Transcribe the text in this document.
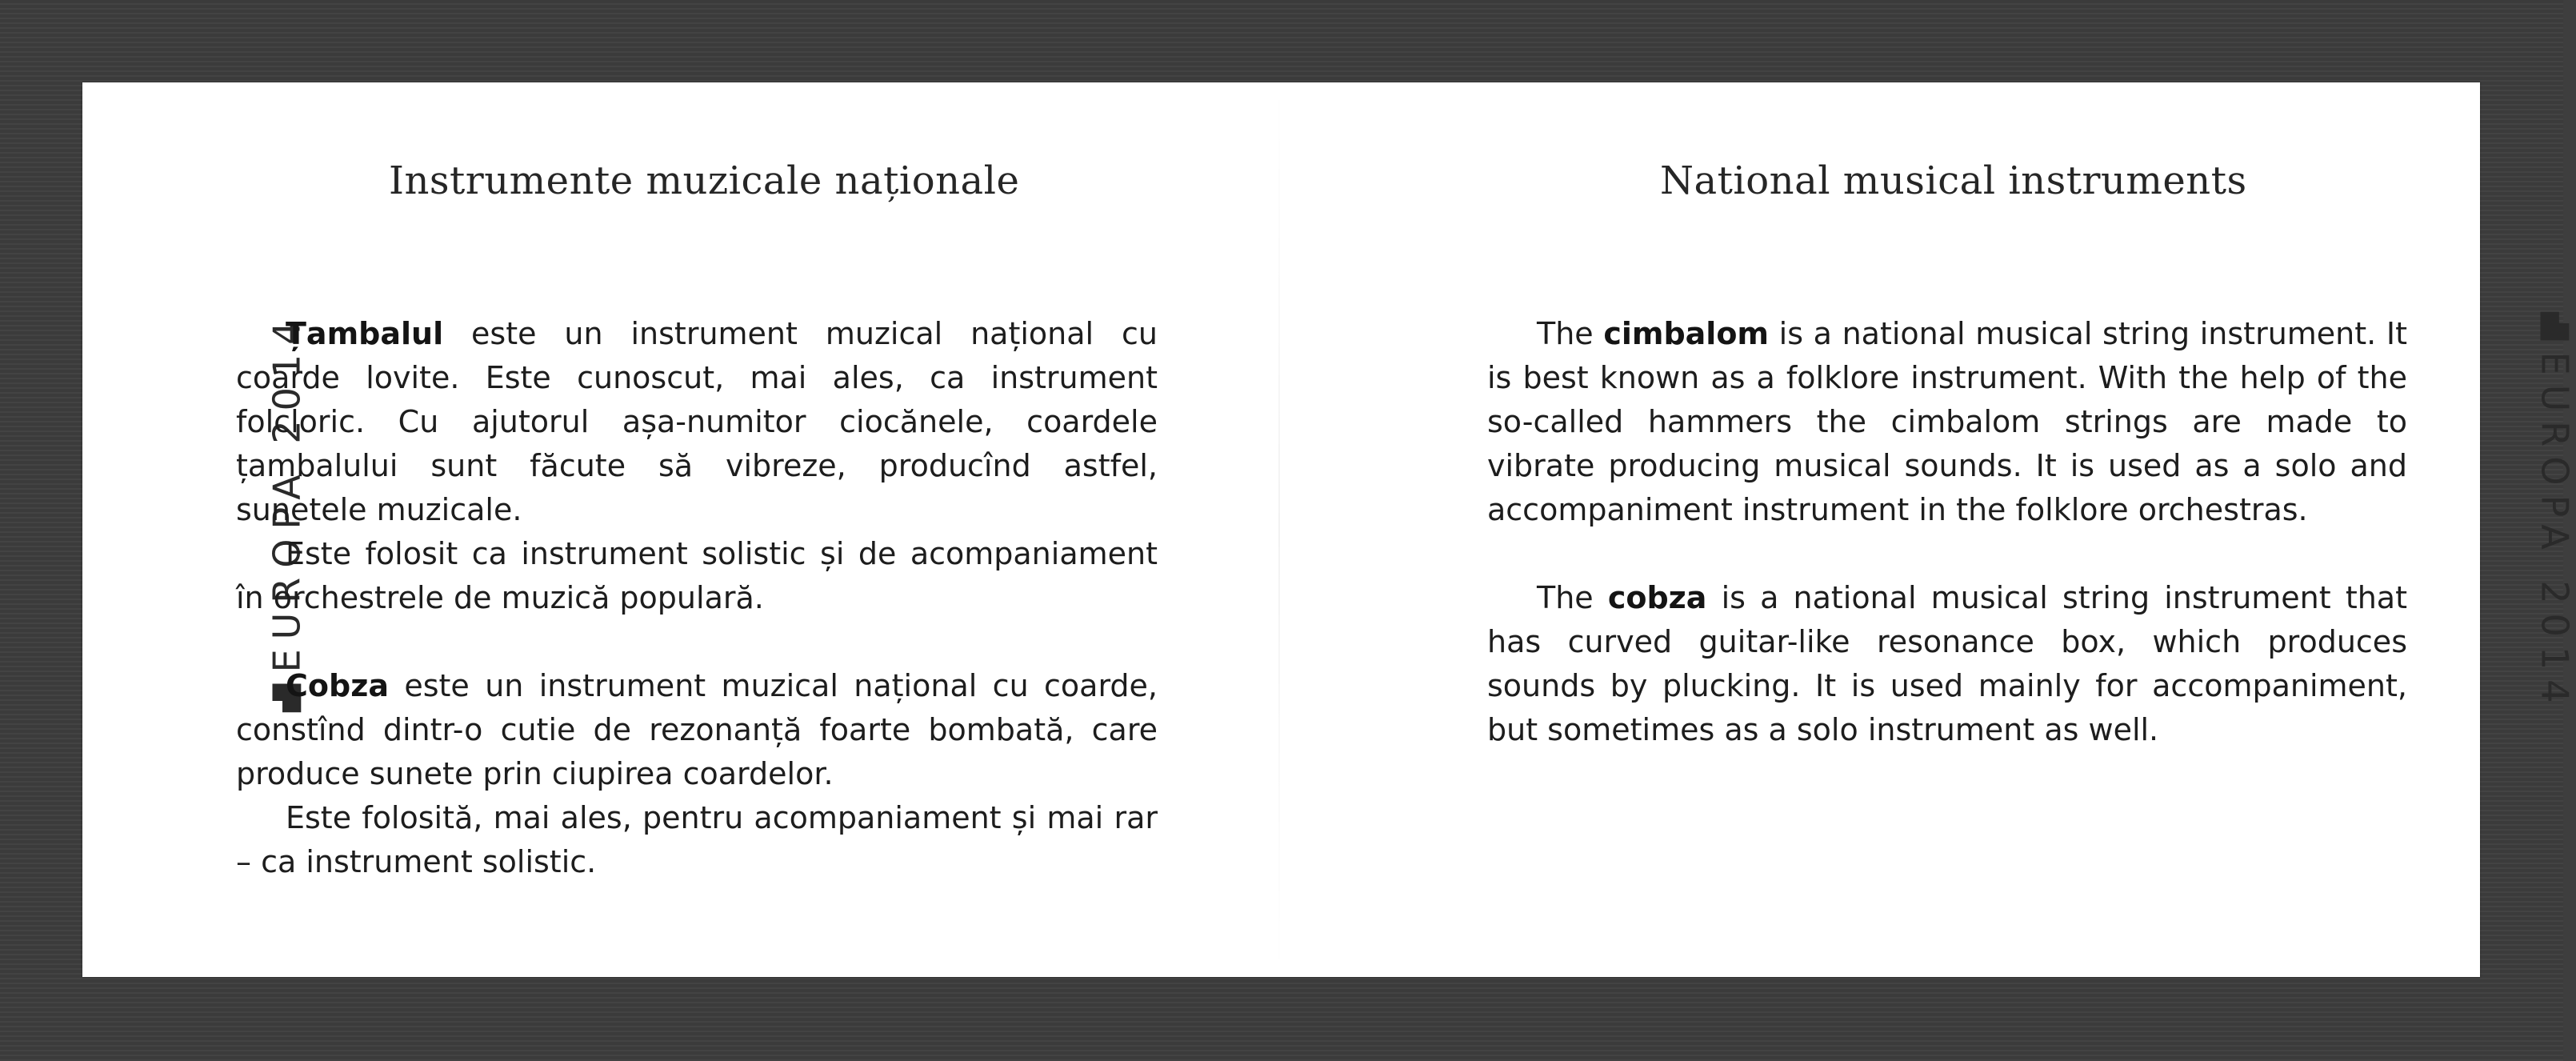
EUROPA 2014
Instrumente muzicale naționale

Țambalul este un instrument muzical național cu coarde lovite. Este cunoscut, mai ales, ca instrument folcloric. Cu ajutorul așa-numitor ciocănele, coardele țambalului sunt făcute să vibreze, producînd astfel, sunetele muzicale.

Este folosit ca instrument solistic și de acompaniament în orchestrele de muzică populară.

Cobza este un instrument muzical național cu coarde, constînd dintr-o cutie de rezonanță foarte bombată, care produce sunete prin ciupirea coardelor.

Este folosită, mai ales, pentru acompaniament și mai rar – ca instrument solistic.

National musical instruments

The cimbalom is a national musical string instrument. It is best known as a folklore instrument. With the help of the so-called hammers the cimbalom strings are made to vibrate producing musical sounds. It is used as a solo and accompaniment instrument in the folklore orchestras.

The cobza is a national musical string instrument that has curved guitar-like resonance box, which produces sounds by plucking. It is used mainly for accompaniment, but sometimes as a solo instrument as well.

EUROPA 2014
